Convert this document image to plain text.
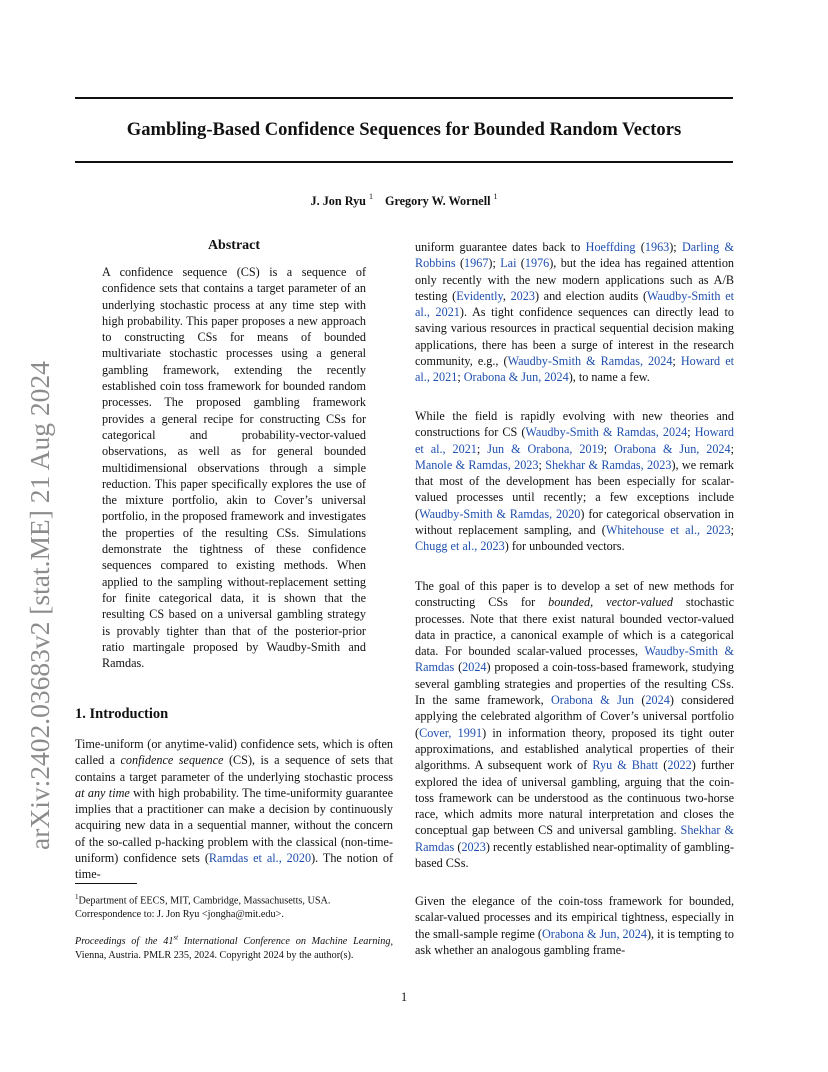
Gambling-Based Confidence Sequences for Bounded Random Vectors
J. Jon Ryu $^1$ Gregory W. Wornell $^1$
arXiv:2402.03683v2 [stat.ME] 21 Aug 2024
Abstract

A confidence sequence (CS) is a sequence of confidence sets that contains a target parameter of an underlying stochastic process at any time step with high probability. This paper proposes a new approach to constructing CSs for means of bounded multivariate stochastic processes using a general gambling framework, extending the recently established coin toss framework for bounded random processes. The proposed gambling framework provides a general recipe for constructing CSs for categorical and probability-vector-valued observations, as well as for general bounded multidimensional observations through a simple reduction. This paper specifically explores the use of the mixture portfolio, akin to Cover’s universal portfolio, in the proposed framework and investigates the properties of the resulting CSs. Simulations demonstrate the tightness of these confidence sequences compared to existing methods. When applied to the sampling without-replacement setting for finite categorical data, it is shown that the resulting CS based on a universal gambling strategy is provably tighter than that of the posterior-prior ratio martingale proposed by Waudby-Smith and Ramdas.

1. Introduction

Time-uniform (or anytime-valid) confidence sets, which is often called a confidence sequence (CS), is a sequence of sets that contains a target parameter of the underlying stochastic process at any time with high probability. The time-uniformity guarantee implies that a practitioner can make a decision by continuously acquiring new data in a sequential manner, without the concern of the so-called p-hacking problem with the classical (non-time-uniform) confidence sets (Ramdas et al., 2020). The notion of time-

$^1$Department of EECS, MIT, Cambridge, Massachusetts, USA. Correspondence to: J. Jon Ryu <jongha@mit.edu>.

Proceedings of the 41st International Conference on Machine Learning, Vienna, Austria. PMLR 235, 2024. Copyright 2024 by the author(s).

uniform guarantee dates back to Hoeffding (1963); Darling & Robbins (1967); Lai (1976), but the idea has regained attention only recently with the new modern applications such as A/B testing (Evidently, 2023) and election audits (Waudby-Smith et al., 2021). As tight confidence sequences can directly lead to saving various resources in practical sequential decision making applications, there has been a surge of interest in the research community, e.g., (Waudby-Smith & Ramdas, 2024; Howard et al., 2021; Orabona & Jun, 2024), to name a few.

While the field is rapidly evolving with new theories and constructions for CS (Waudby-Smith & Ramdas, 2024; Howard et al., 2021; Jun & Orabona, 2019; Orabona & Jun, 2024; Manole & Ramdas, 2023; Shekhar & Ramdas, 2023), we remark that most of the development has been especially for scalar-valued processes until recently; a few exceptions include (Waudby-Smith & Ramdas, 2020) for categorical observation in without replacement sampling, and (Whitehouse et al., 2023; Chugg et al., 2023) for unbounded vectors.

The goal of this paper is to develop a set of new methods for constructing CSs for bounded, vector-valued stochastic processes. Note that there exist natural bounded vector-valued data in practice, a canonical example of which is a categorical data. For bounded scalar-valued processes, Waudby-Smith & Ramdas (2024) proposed a coin-toss-based framework, studying several gambling strategies and properties of the resulting CSs. In the same framework, Orabona & Jun (2024) considered applying the celebrated algorithm of Cover’s universal portfolio (Cover, 1991) in information theory, proposed its tight outer approximations, and established analytical properties of their algorithms. A subsequent work of Ryu & Bhatt (2022) further explored the idea of universal gambling, arguing that the coin-toss framework can be understood as the continuous two-horse race, which admits more natural interpretation and closes the conceptual gap between CS and universal gambling. Shekhar & Ramdas (2023) recently established near-optimality of gambling-based CSs.

Given the elegance of the coin-toss framework for bounded, scalar-valued processes and its empirical tightness, especially in the small-sample regime (Orabona & Jun, 2024), it is tempting to ask whether an analogous gambling frame-

1
